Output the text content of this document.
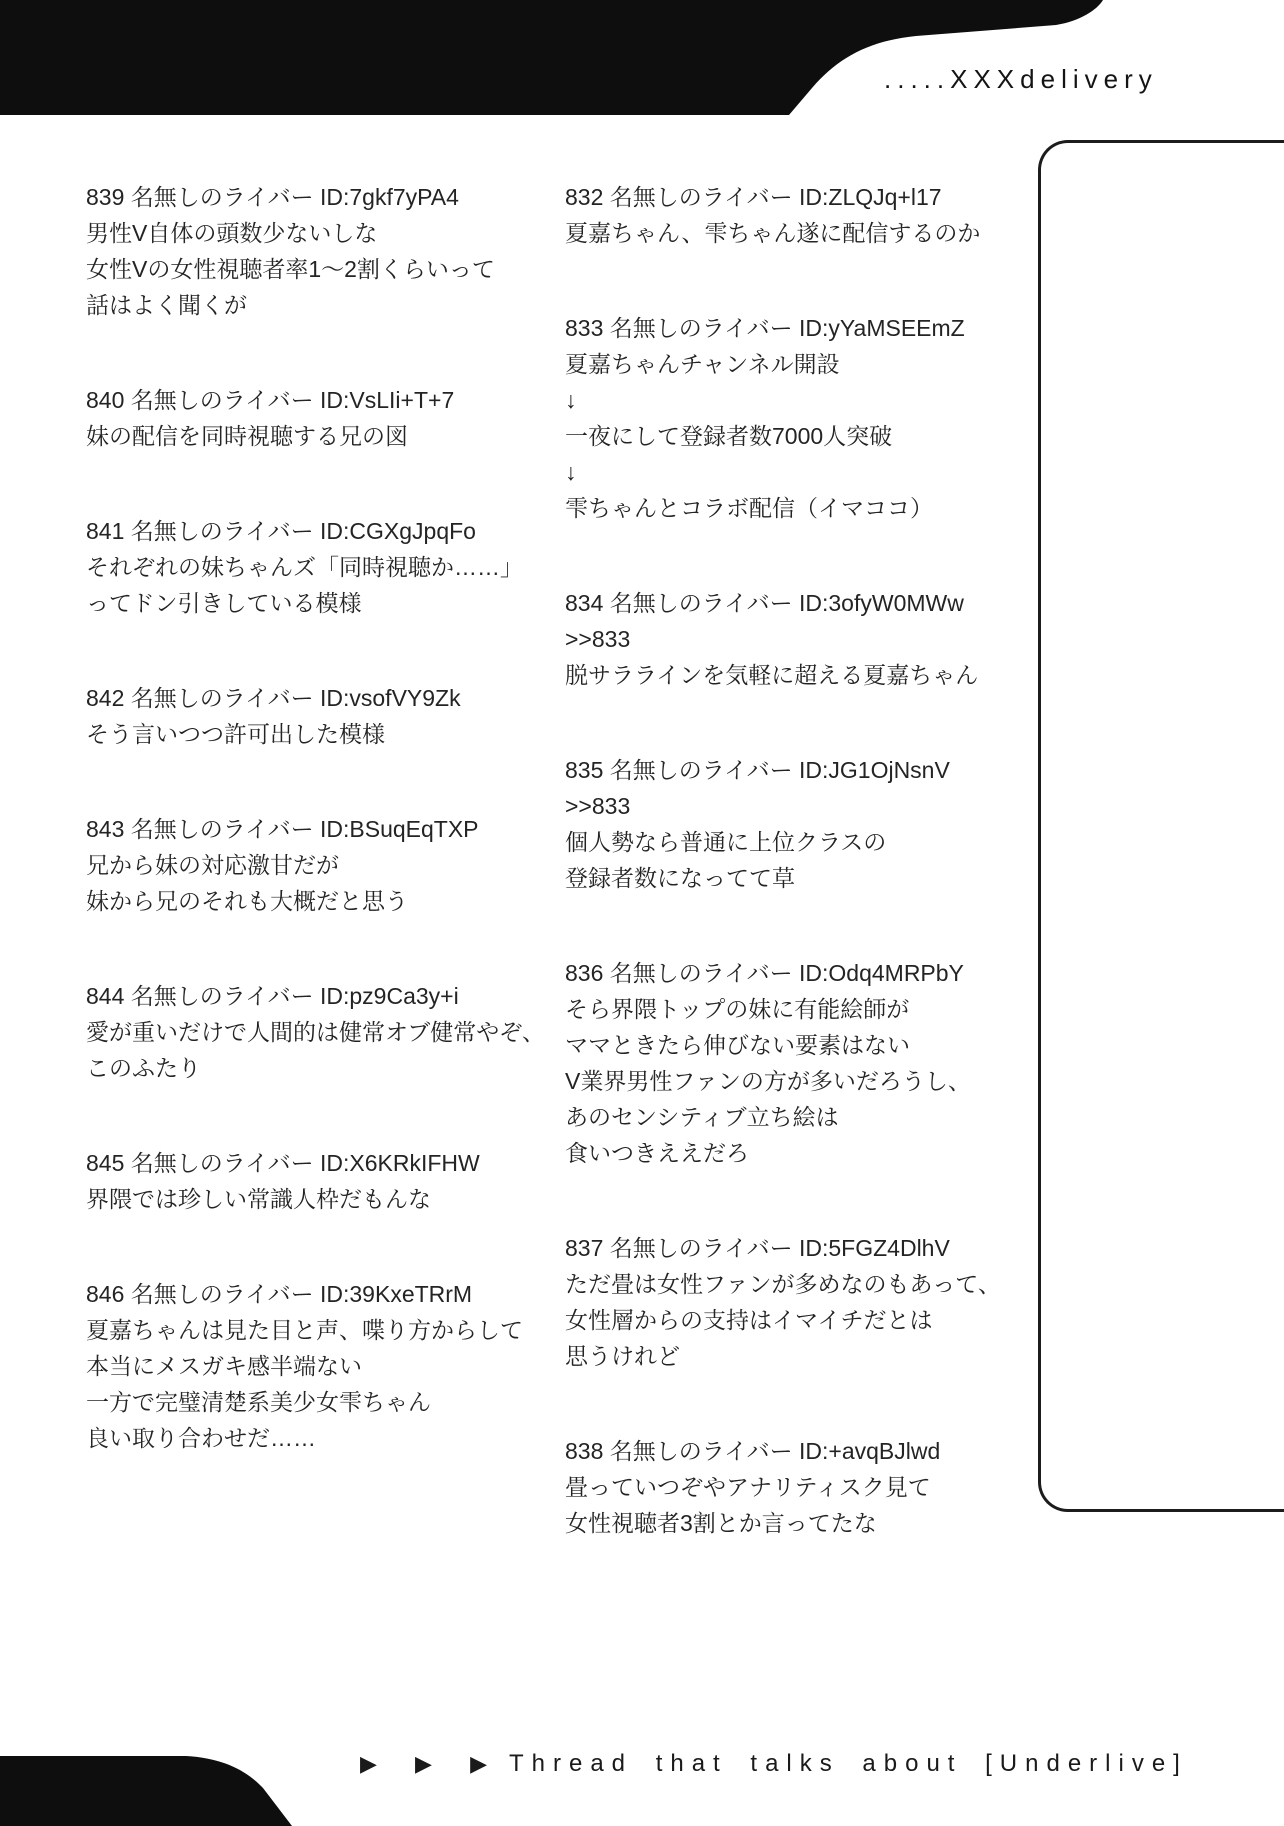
.....XXXdelivery
839 名無しのライバー ID:7gkf7yPA4
男性V自体の頭数少ないしな
女性Vの女性視聴者率1～2割くらいって
話はよく聞くが
840 名無しのライバー ID:VsLIi+T+7
妹の配信を同時視聴する兄の図
841 名無しのライバー ID:CGXgJpqFo
それぞれの妹ちゃんズ「同時視聴か……」
ってドン引きしている模様
842 名無しのライバー ID:vsofVY9Zk
そう言いつつ許可出した模様
843 名無しのライバー ID:BSuqEqTXP
兄から妹の対応激甘だが
妹から兄のそれも大概だと思う
844 名無しのライバー ID:pz9Ca3y+i
愛が重いだけで人間的は健常オブ健常やぞ、
このふたり
845 名無しのライバー ID:X6KRkIFHW
界隈では珍しい常識人枠だもんな
846 名無しのライバー ID:39KxeTRrM
夏嘉ちゃんは見た目と声、喋り方からして
本当にメスガキ感半端ない
一方で完璧清楚系美少女雫ちゃん
良い取り合わせだ……
832 名無しのライバー ID:ZLQJq+l17
夏嘉ちゃん、雫ちゃん遂に配信するのか
833 名無しのライバー ID:yYaMSEEmZ
夏嘉ちゃんチャンネル開設
↓
一夜にして登録者数7000人突破
↓
雫ちゃんとコラボ配信（イマココ）
834 名無しのライバー ID:3ofyW0MWw
>>833
脱サララインを気軽に超える夏嘉ちゃん
835 名無しのライバー ID:JG1OjNsnV
>>833
個人勢なら普通に上位クラスの
登録者数になってて草
836 名無しのライバー ID:Odq4MRPbY
そら界隈トップの妹に有能絵師が
ママときたら伸びない要素はない
V業界男性ファンの方が多いだろうし、
あのセンシティブ立ち絵は
食いつきええだろ
837 名無しのライバー ID:5FGZ4DlhV
ただ畳は女性ファンが多めなのもあって、
女性層からの支持はイマイチだとは
思うけれど
838 名無しのライバー ID:+avqBJlwd
畳っていつぞやアナリティスク見て
女性視聴者3割とか言ってたな
▶ ▶ ▶ Thread that talks about [Underlive]
